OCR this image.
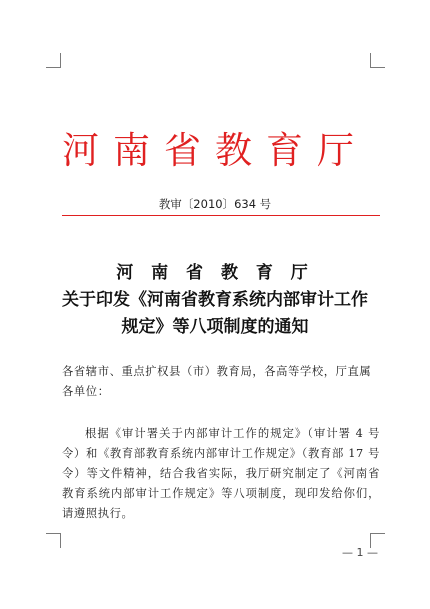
河南省教育厅
教审〔2010〕634 号
河 南 省 教 育 厅
关于印发《河南省教育系统内部审计工作
规定》等八项制度的通知
各省辖市、重点扩权县（市）教育局，各高等学校，厅直属各单位：
根据《审计署关于内部审计工作的规定》（审计署 4 号令）和《教育部教育系统内部审计工作规定》（教育部 17 号令）等文件精神，结合我省实际，我厅研究制定了《河南省教育系统内部审计工作规定》等八项制度，现印发给你们，请遵照执行。
— 1 —
